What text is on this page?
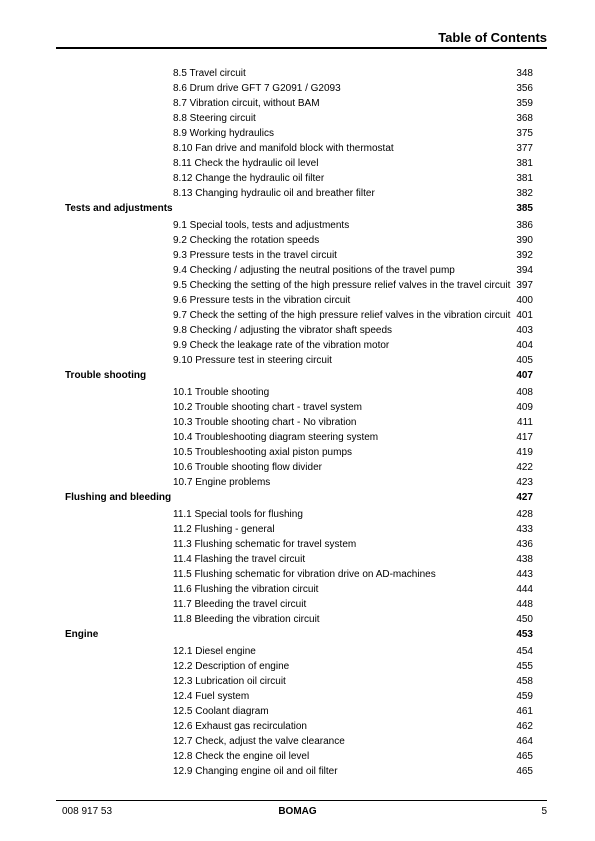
Table of Contents
8.5 Travel circuit	348
8.6 Drum drive GFT 7 G2091 / G2093	356
8.7 Vibration circuit, without BAM	359
8.8 Steering circuit	368
8.9 Working hydraulics	375
8.10 Fan drive and manifold block with thermostat	377
8.11 Check the hydraulic oil level	381
8.12 Change the hydraulic oil filter	381
8.13 Changing hydraulic oil and breather filter	382
Tests and adjustments	385
9.1 Special tools, tests and adjustments	386
9.2 Checking the rotation speeds	390
9.3 Pressure tests in the travel circuit	392
9.4 Checking / adjusting the neutral positions of the travel pump	394
9.5 Checking the setting of the high pressure relief valves in the travel circuit 397
9.6 Pressure tests in the vibration circuit	400
9.7 Check the setting of the high pressure relief valves in the vibration circuit 401
9.8 Checking / adjusting the vibrator shaft speeds	403
9.9 Check the leakage rate of the vibration motor	404
9.10 Pressure test in steering circuit	405
Trouble shooting	407
10.1 Trouble shooting	408
10.2 Trouble shooting chart - travel system	409
10.3 Trouble shooting chart - No vibration	411
10.4 Troubleshooting diagram steering system	417
10.5 Troubleshooting axial piston pumps	419
10.6 Trouble shooting flow divider	422
10.7 Engine problems	423
Flushing and bleeding	427
11.1 Special tools for flushing	428
11.2 Flushing - general	433
11.3 Flushing schematic for travel system	436
11.4 Flashing the travel circuit	438
11.5 Flushing schematic for vibration drive on AD-machines	443
11.6 Flushing the vibration circuit	444
11.7 Bleeding the travel circuit	448
11.8 Bleeding the vibration circuit	450
Engine	453
12.1 Diesel engine	454
12.2 Description of engine	455
12.3 Lubrication oil circuit	458
12.4 Fuel system	459
12.5 Coolant diagram	461
12.6 Exhaust gas recirculation	462
12.7 Check, adjust the valve clearance	464
12.8 Check the engine oil level	465
12.9 Changing engine oil and oil filter	465
008 917 53	BOMAG	5
